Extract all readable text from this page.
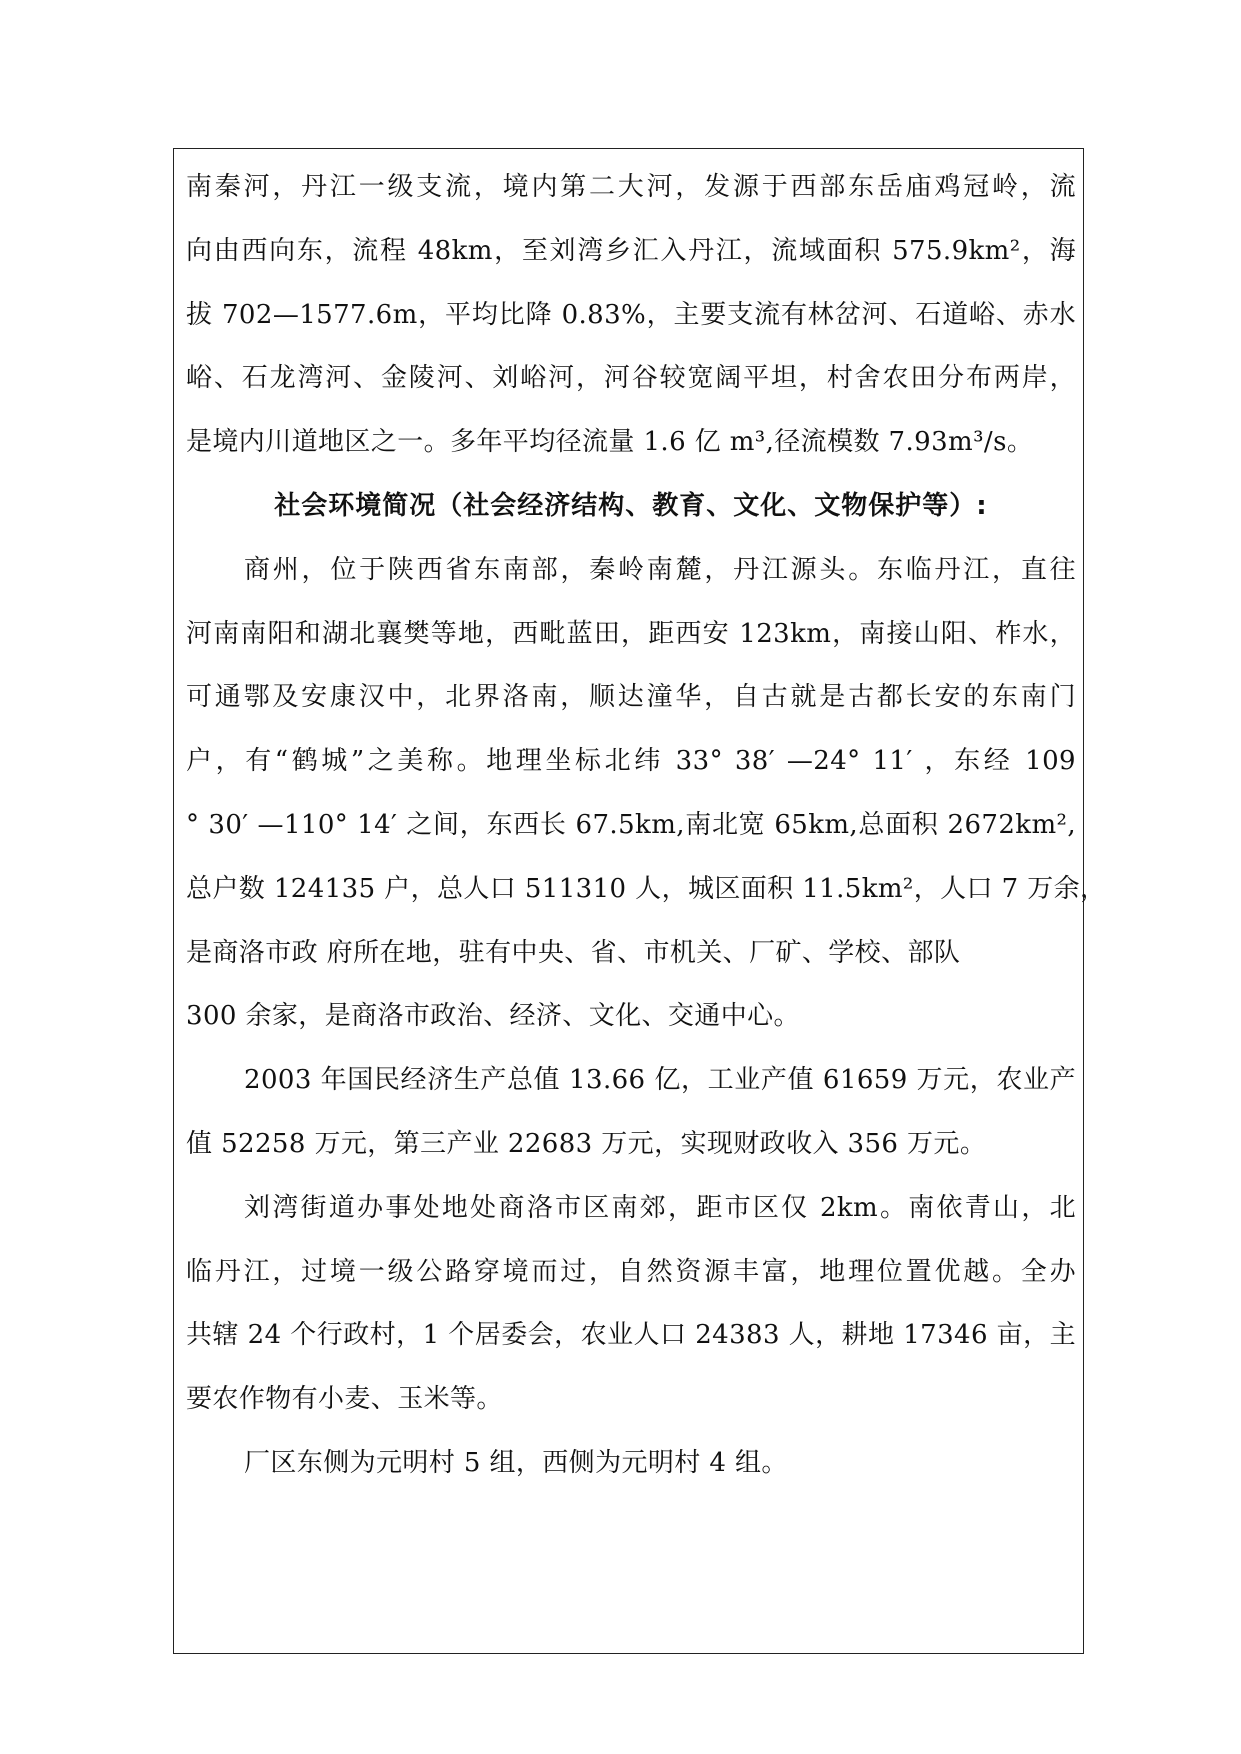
南秦河，丹江一级支流，境内第二大河，发源于西部东岳庙鸡冠岭，流
向由西向东，流程 48km，至刘湾乡汇入丹江，流域面积 575.9km²，海
拔 702—1577.6m，平均比降 0.83%，主要支流有林岔河、石道峪、赤水
峪、石龙湾河、金陵河、刘峪河，河谷较宽阔平坦，村舍农田分布两岸，
是境内川道地区之一。多年平均径流量 1.6 亿 m³,径流模数 7.93m³/s。
社会环境简况（社会经济结构、教育、文化、文物保护等）:
商州，位于陕西省东南部，秦岭南麓，丹江源头。东临丹江，直往
河南南阳和湖北襄樊等地，西毗蓝田，距西安 123km，南接山阳、柞水，
可通鄂及安康汉中，北界洛南，顺达潼华，自古就是古都长安的东南门
户，有“鹤城”之美称。地理坐标北纬 33° 38′ —24° 11′ ，东经 109
° 30′ —110° 14′ 之间，东西长 67.5km,南北宽 65km,总面积 2672km²,
总户数 124135 户，总人口 511310 人，城区面积 11.5km²，人口 7 万余，
是商洛市政 府所在地，驻有中央、省、市机关、厂矿、学校、部队
300 余家，是商洛市政治、经济、文化、交通中心。
2003 年国民经济生产总值 13.66 亿，工业产值 61659 万元，农业产
值 52258 万元，第三产业 22683 万元，实现财政收入 356 万元。
刘湾街道办事处地处商洛市区南郊，距市区仅 2km。南依青山，北
临丹江，过境一级公路穿境而过，自然资源丰富，地理位置优越。全办
共辖 24 个行政村，1 个居委会，农业人口 24383 人，耕地 17346 亩，主
要农作物有小麦、玉米等。
厂区东侧为元明村 5 组，西侧为元明村 4 组。
